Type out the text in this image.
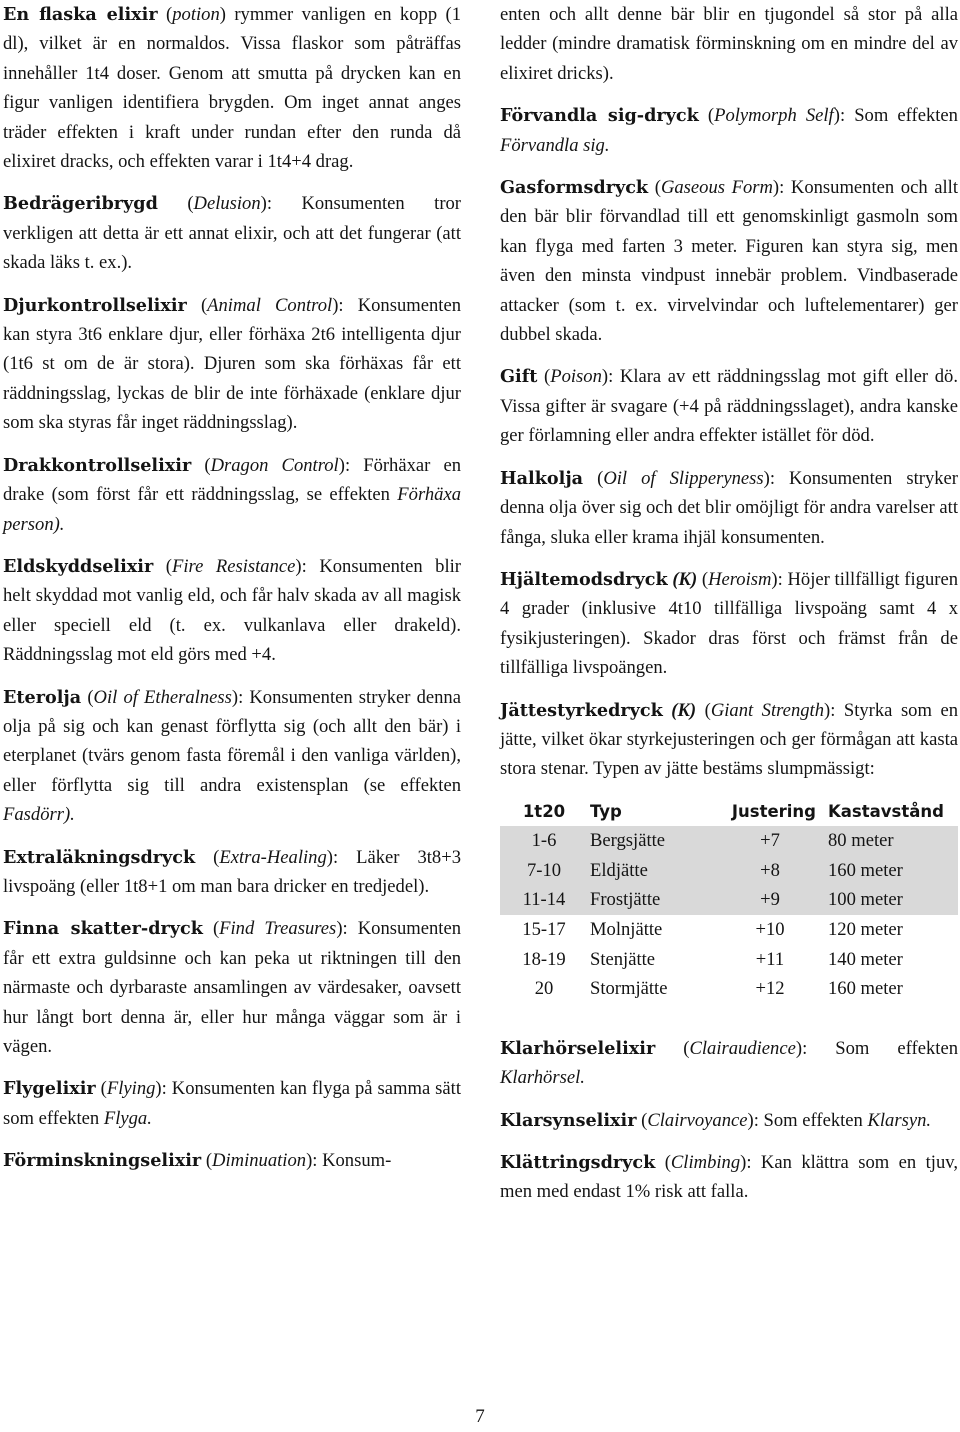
En flaska elixir (potion) rymmer vanligen en kopp (1 dl), vilket är en normaldos. Vissa flaskor som påträffas innehåller 1t4 doser. Genom att smutta på drycken kan en figur vanligen identifiera brygden. Om inget annat anges träder effekten i kraft under rundan efter den runda då elixiret dracks, och effekten varar i 1t4+4 drag.

Bedrägeribrygd (Delusion): Konsumenten tror verkligen att detta är ett annat elixir, och att det fungerar (att skada läks t. ex.).

Djurkontrollselixir (Animal Control): Konsumenten kan styra 3t6 enklare djur, eller förhäxa 2t6 intelligenta djur (1t6 st om de är stora). Djuren som ska förhäxas får ett räddningsslag, lyckas de blir de inte förhäxade (enklare djur som ska styras får inget räddningsslag).

Drakkontrollselixir (Dragon Control): Förhäxar en drake (som först får ett räddningsslag, se effekten Förhäxa person).

Eldskyddselixir (Fire Resistance): Konsumenten blir helt skyddad mot vanlig eld, och får halv skada av all magisk eller speciell eld (t. ex. vulkanlava eller drakeld). Räddningsslag mot eld görs med +4.

Eterolja (Oil of Etheralness): Konsumenten stryker denna olja på sig och kan genast förflytta sig (och allt den bär) i eterplanet (tvärs genom fasta föremål i den vanliga världen), eller förflytta sig till andra existensplan (se effekten Fasdörr).

Extraläkningsdryck (Extra-Healing): Läker 3t8+3 livspoäng (eller 1t8+1 om man bara dricker en tredjedel).

Finna skatter-dryck (Find Treasures): Konsumenten får ett extra guldsinne och kan peka ut riktningen till den närmaste och dyrbaraste ansamlingen av värdesaker, oavsett hur långt bort denna är, eller hur många väggar som är i vägen.

Flygelixir (Flying): Konsumenten kan flyga på samma sätt som effekten Flyga.

Förminskningselixir (Diminuation): Konsum-

enten och allt denne bär blir en tjugondel så stor på alla ledder (mindre dramatisk förminskning om en mindre del av elixiret dricks).

Förvandla sig-dryck (Polymorph Self): Som effekten Förvandla sig.

Gasformsdryck (Gaseous Form): Konsumenten och allt den bär blir förvandlad till ett genomskinligt gasmoln som kan flyga med farten 3 meter. Figuren kan styra sig, men även den minsta vindpust innebär problem. Vindbaserade attacker (som t. ex. virvelvindar och luftelementarer) ger dubbel skada.

Gift (Poison): Klara av ett räddningsslag mot gift eller dö. Vissa gifter är svagare (+4 på räddningsslaget), andra kanske ger förlamning eller andra effekter istället för död.

Halkolja (Oil of Slipperyness): Konsumenten stryker denna olja över sig och det blir omöjligt för andra varelser att fånga, sluka eller krama ihjäl konsumenten.

Hjältemodsdryck (K) (Heroism): Höjer tillfälligt figuren 4 grader (inklusive 4t10 tillfälliga livspoäng samt 4 x fysikjusteringen). Skador dras först och främst från de tillfälliga livspoängen.

Jättestyrkedryck (K) (Giant Strength): Styrka som en jätte, vilket ökar styrkejusteringen och ger förmågan att kasta stora stenar. Typen av jätte bestäms slumpmässigt:

1t20	Typ	Justering	Kastavstånd
1-6	Bergsjätte	+7	80 meter
7-10	Eldjätte	+8	160 meter
11-14	Frostjätte	+9	100 meter
15-17	Molnjätte	+10	120 meter
18-19	Stenjätte	+11	140 meter
20	Stormjätte	+12	160 meter

Klarhörselelixir (Clairaudience): Som effekten Klarhörsel.

Klarsynselixir (Clairvoyance): Som effekten Klarsyn.

Klättringsdryck (Climbing): Kan klättra som en tjuv, men med endast 1% risk att falla.

7
